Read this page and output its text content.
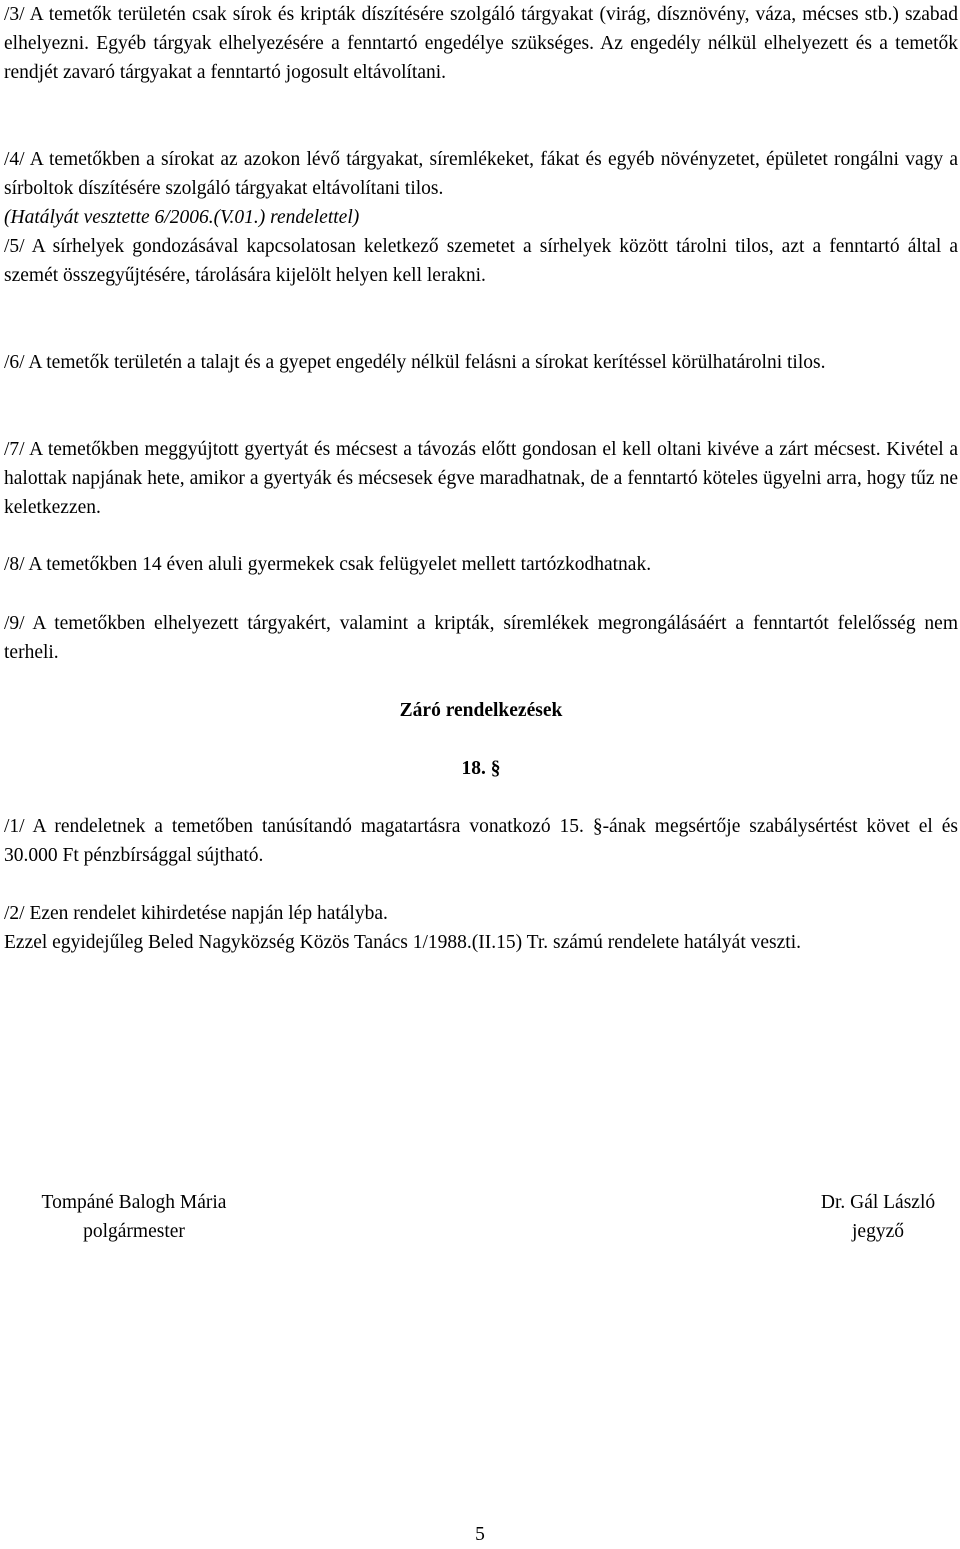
/3/ A temetők területén csak sírok és kripták díszítésére szolgáló tárgyakat (virág, dísznövény, váza, mécses stb.) szabad elhelyezni. Egyéb tárgyak elhelyezésére a fenntartó engedélye szükséges. Az engedély nélkül elhelyezett és a temetők rendjét zavaró tárgyakat a fenntartó jogosult eltávolítani.

/4/ A temetőkben a sírokat az azokon lévő tárgyakat, síremlékeket, fákat és egyéb növényzetet, épületet rongálni vagy a sírboltok díszítésére szolgáló tárgyakat eltávolítani tilos.

(Hatályát vesztette 6/2006.(V.01.) rendelettel)

/5/ A sírhelyek gondozásával kapcsolatosan keletkező szemetet a sírhelyek között tárolni tilos, azt a fenntartó által a szemét összegyűjtésére, tárolására kijelölt helyen kell lerakni.

/6/ A temetők területén a talajt és a gyepet engedély nélkül felásni a sírokat kerítéssel körülhatárolni tilos.

/7/ A temetőkben meggyújtott gyertyát és mécsest a távozás előtt gondosan el kell oltani kivéve a zárt mécsest. Kivétel a halottak napjának hete, amikor a gyertyák és mécsesek égve maradhatnak, de a fenntartó köteles ügyelni arra, hogy tűz ne keletkezzen.

/8/ A temetőkben 14 éven aluli gyermekek csak felügyelet mellett tartózkodhatnak.

/9/ A temetőkben elhelyezett tárgyakért, valamint a kripták, síremlékek megrongálásáért a fenntartót felelősség nem terheli.

Záró rendelkezések

18. §

/1/ A rendeletnek a temetőben tanúsítandó magatartásra vonatkozó 15. §-ának megsértője szabálysértést követ el és 30.000 Ft pénzbírsággal sújtható.

/2/ Ezen rendelet kihirdetése napján lép hatályba.

Ezzel egyidejűleg Beled Nagyközség Közös Tanács 1/1988.(II.15) Tr. számú rendelete hatályát veszti.

Tompáné Balogh Mária
polgármester
Dr. Gál László
jegyző
5
